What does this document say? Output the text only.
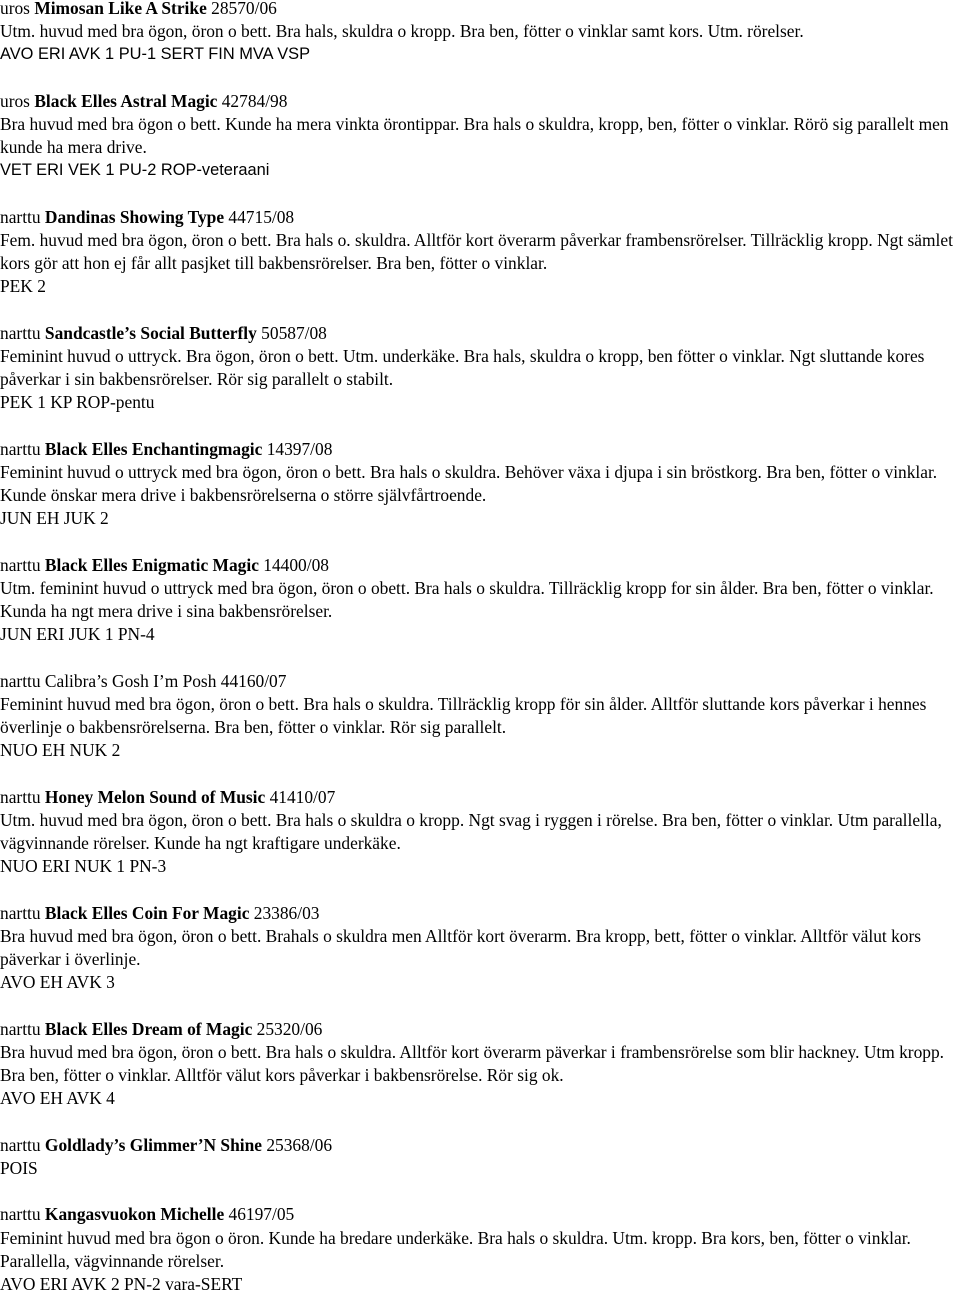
uros Mimosan Like A Strike 28570/06
Utm. huvud med bra ögon, öron o bett. Bra hals, skuldra o kropp. Bra ben, fötter o vinklar samt kors. Utm. rörelser.
AVO ERI AVK 1 PU-1 SERT FIN MVA VSP
uros Black Elles Astral Magic 42784/98
Bra huvud med bra ögon o bett. Kunde ha mera vinkta örontippar. Bra hals o skuldra, kropp, ben, fötter o vinklar. Rörö sig parallelt men kunde ha mera drive.
VET ERI VEK 1 PU-2 ROP-veteraani
narttu Dandinas Showing Type 44715/08
Fem. huvud med bra ögon, öron o bett. Bra hals o. skuldra. Alltför kort överarm påverkar frambensrörelser. Tillräcklig kropp. Ngt sämlet kors gör att hon ej får allt pasjket till bakbensrörelser. Bra ben, fötter o vinklar.
PEK 2
narttu Sandcastle’s Social Butterfly 50587/08
Feminint huvud o uttryck. Bra ögon, öron o bett. Utm. underkäke. Bra hals, skuldra o kropp, ben fötter o vinklar. Ngt sluttande kores påverkar i sin bakbensrörelser. Rör sig parallelt o stabilt.
PEK 1 KP ROP-pentu
narttu Black Elles Enchantingmagic 14397/08
Feminint huvud o uttryck med bra ögon, öron o bett. Bra hals o skuldra. Behöver växa i djupa i sin bröstkorg. Bra ben, fötter o vinklar. Kunde önskar mera drive i bakbensrörelserna o större självfårtroende.
JUN EH JUK 2
narttu Black Elles Enigmatic Magic 14400/08
Utm. feminint huvud o uttryck med bra ögon, öron o obett. Bra hals o skuldra. Tillräcklig kropp for sin ålder. Bra ben, fötter o vinklar. Kunda ha ngt mera drive i sina bakbensrörelser.
JUN ERI JUK 1 PN-4
narttu Calibra’s Gosh I’m Posh 44160/07
Feminint huvud med bra ögon, öron o bett. Bra hals o skuldra. Tillräcklig kropp för sin ålder. Alltför sluttande kors påverkar i hennes överlinje o bakbensrörelserna. Bra ben, fötter o vinklar. Rör sig parallelt.
NUO EH NUK 2
narttu Honey Melon Sound of Music 41410/07
Utm. huvud med bra ögon, öron o bett. Bra hals o skuldra o kropp. Ngt svag i ryggen i rörelse. Bra ben, fötter o vinklar. Utm parallella, vägvinnande rörelser. Kunde ha ngt kraftigare underkäke.
NUO ERI NUK 1 PN-3
narttu Black Elles Coin For Magic 23386/03
Bra huvud med bra ögon, öron o bett. Brahals o skuldra men Alltför kort överarm. Bra kropp, bett, fötter o vinklar. Alltför välut kors päverkar i överlinje.
AVO EH AVK 3
narttu Black Elles Dream of Magic 25320/06
Bra huvud med bra ögon, öron o bett. Bra hals o skuldra. Alltför kort överarm päverkar i frambensrörelse som blir hackney. Utm kropp. Bra ben, fötter o vinklar. Alltför välut kors påverkar i bakbensrörelse. Rör sig ok.
AVO EH AVK 4
narttu Goldlady’s Glimmer’N Shine 25368/06
POIS
narttu Kangasvuokon Michelle 46197/05
Feminint huvud med bra ögon o öron. Kunde ha bredare underkäke. Bra hals o skuldra. Utm. kropp. Bra kors, ben, fötter o vinklar. Parallella, vägvinnande rörelser.
AVO ERI AVK 2 PN-2 vara-SERT
